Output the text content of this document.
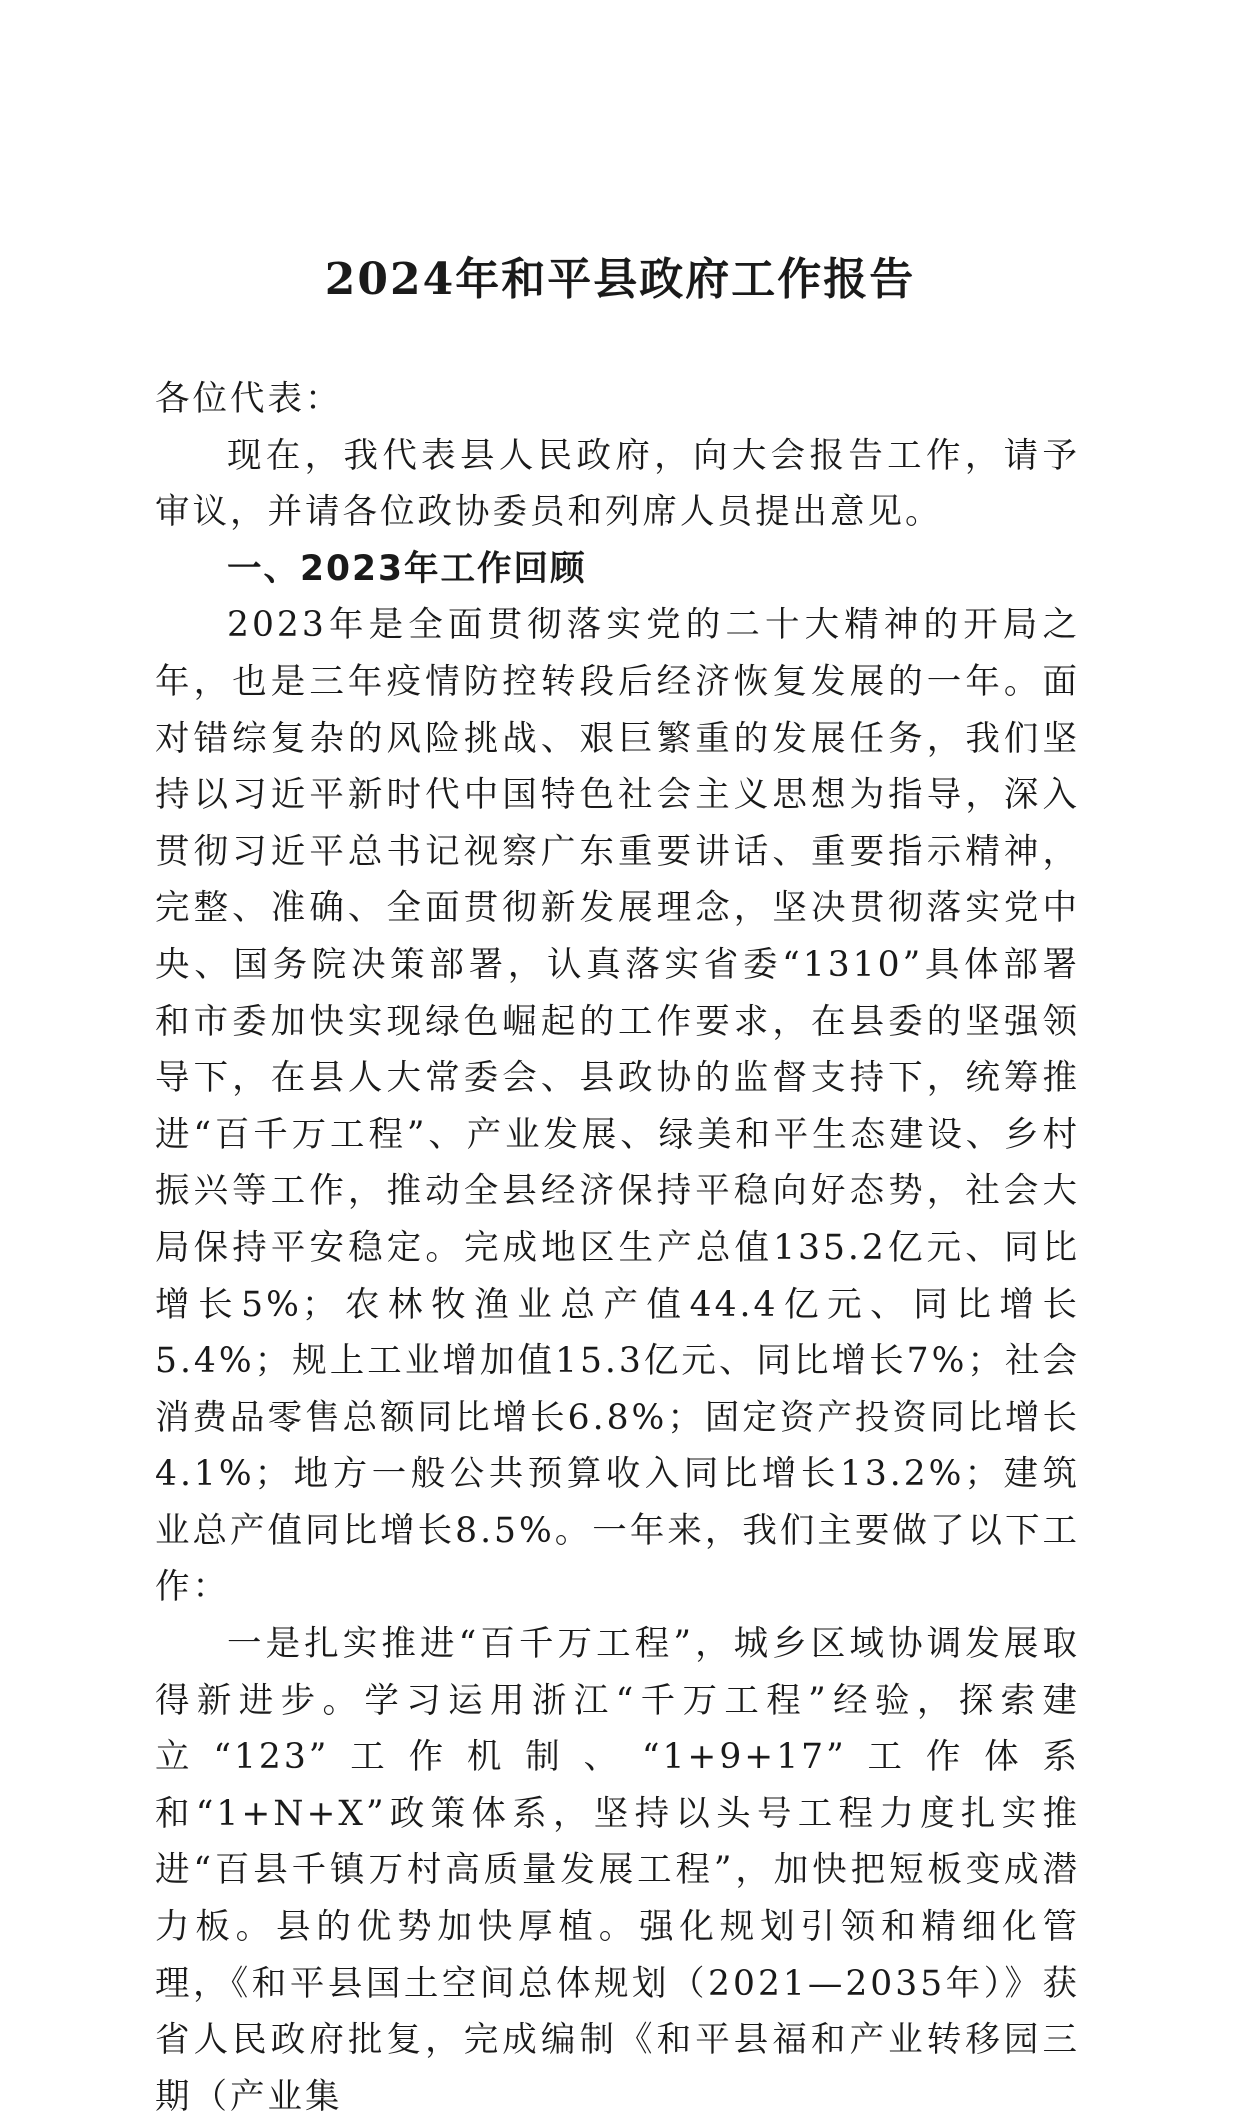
2024年和平县政府工作报告

各位代表：

现在，我代表县人民政府，向大会报告工作，请予审议，并请各位政协委员和列席人员提出意见。

一、2023年工作回顾

2023年是全面贯彻落实党的二十大精神的开局之年，也是三年疫情防控转段后经济恢复发展的一年。面对错综复杂的风险挑战、艰巨繁重的发展任务，我们坚持以习近平新时代中国特色社会主义思想为指导，深入贯彻习近平总书记视察广东重要讲话、重要指示精神，完整、准确、全面贯彻新发展理念，坚决贯彻落实党中央、国务院决策部署，认真落实省委“1310”具体部署和市委加快实现绿色崛起的工作要求，在县委的坚强领导下，在县人大常委会、县政协的监督支持下，统筹推进“百千万工程”、产业发展、绿美和平生态建设、乡村振兴等工作，推动全县经济保持平稳向好态势，社会大局保持平安稳定。完成地区生产总值135.2亿元、同比增长5%；农林牧渔业总产值44.4亿元、同比增长5.4%；规上工业增加值15.3亿元、同比增长7%；社会消费品零售总额同比增长6.8%；固定资产投资同比增长4.1%；地方一般公共预算收入同比增长13.2%；建筑业总产值同比增长8.5%。一年来，我们主要做了以下工作：

一是扎实推进“百千万工程”，城乡区域协调发展取得新进步。学习运用浙江“千万工程”经验，探索建立“123”工作机制、“1+9+17”工作体系和“1+N+X”政策体系，坚持以头号工程力度扎实推进“百县千镇万村高质量发展工程”，加快把短板变成潜力板。县的优势加快厚植。强化规划引领和精细化管理，《和平县国土空间总体规划（2021—2035年）》获省人民政府批复，完成编制《和平县福和产业转移园三期（产业集
